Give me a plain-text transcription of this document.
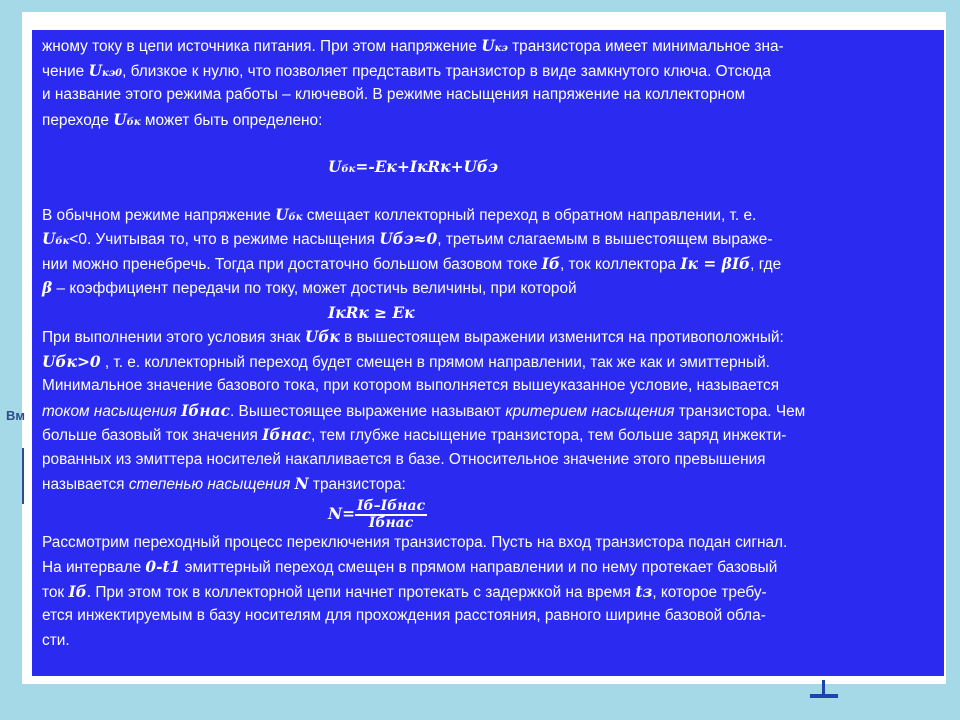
Вм
жному току в цепи источника питания. При этом напряжение Uкэ транзистора имеет минимальное зна-
чение Uкэ0, близкое к нулю, что позволяет представить транзистор в виде замкнутого ключа. Отсюда
и название этого режима работы – ключевой. В режиме насыщения напряжение на коллекторном
переходе Uбк может быть определено:
Uбк=-Eк+IкRк+Uбэ
В обычном режиме напряжение Uбк смещает коллекторный переход в обратном направлении, т. е.
Uбк<0. Учитывая то, что в режиме насыщения Uбэ≈0, третьим слагаемым в вышестоящем выраже-
нии можно пренебречь. Тогда при достаточно большом базовом токе Iб, ток коллектора Iк = βIб, где
β – коэффициент передачи по току, может достичь величины, при которой
IкRк ≥ Eк
При выполнении этого условия знак Uбк в вышестоящем выражении изменится на противоположный:
Uбк>0 , т. е. коллекторный переход будет смещен в прямом направлении, так же как и эмиттерный.
Минимальное значение базового тока, при котором выполняется вышеуказанное условие, называется
током насыщения Iбнас. Вышестоящее выражение называют критерием насыщения транзистора. Чем
больше базовый ток значения Iбнас, тем глубже насыщение транзистора, тем больше заряд инжекти-
рованных из эмиттера носителей накапливается в базе. Относительное значение этого превышения
называется степенью насыщения N транзистора:
$N= \frac{\text{Iб–Iбнас}}{\text{Iбнас}}$
Рассмотрим переходный процесс переключения транзистора. Пусть на вход транзистора подан сигнал.
На интервале 0-t1 эмиттерный переход смещен в прямом направлении и по нему протекает базовый
ток Iб. При этом ток в коллекторной цепи начнет протекать с задержкой на время tз, которое требу-
ется инжектируемым в базу носителям для прохождения расстояния, равного ширине базовой обла-
сти.
